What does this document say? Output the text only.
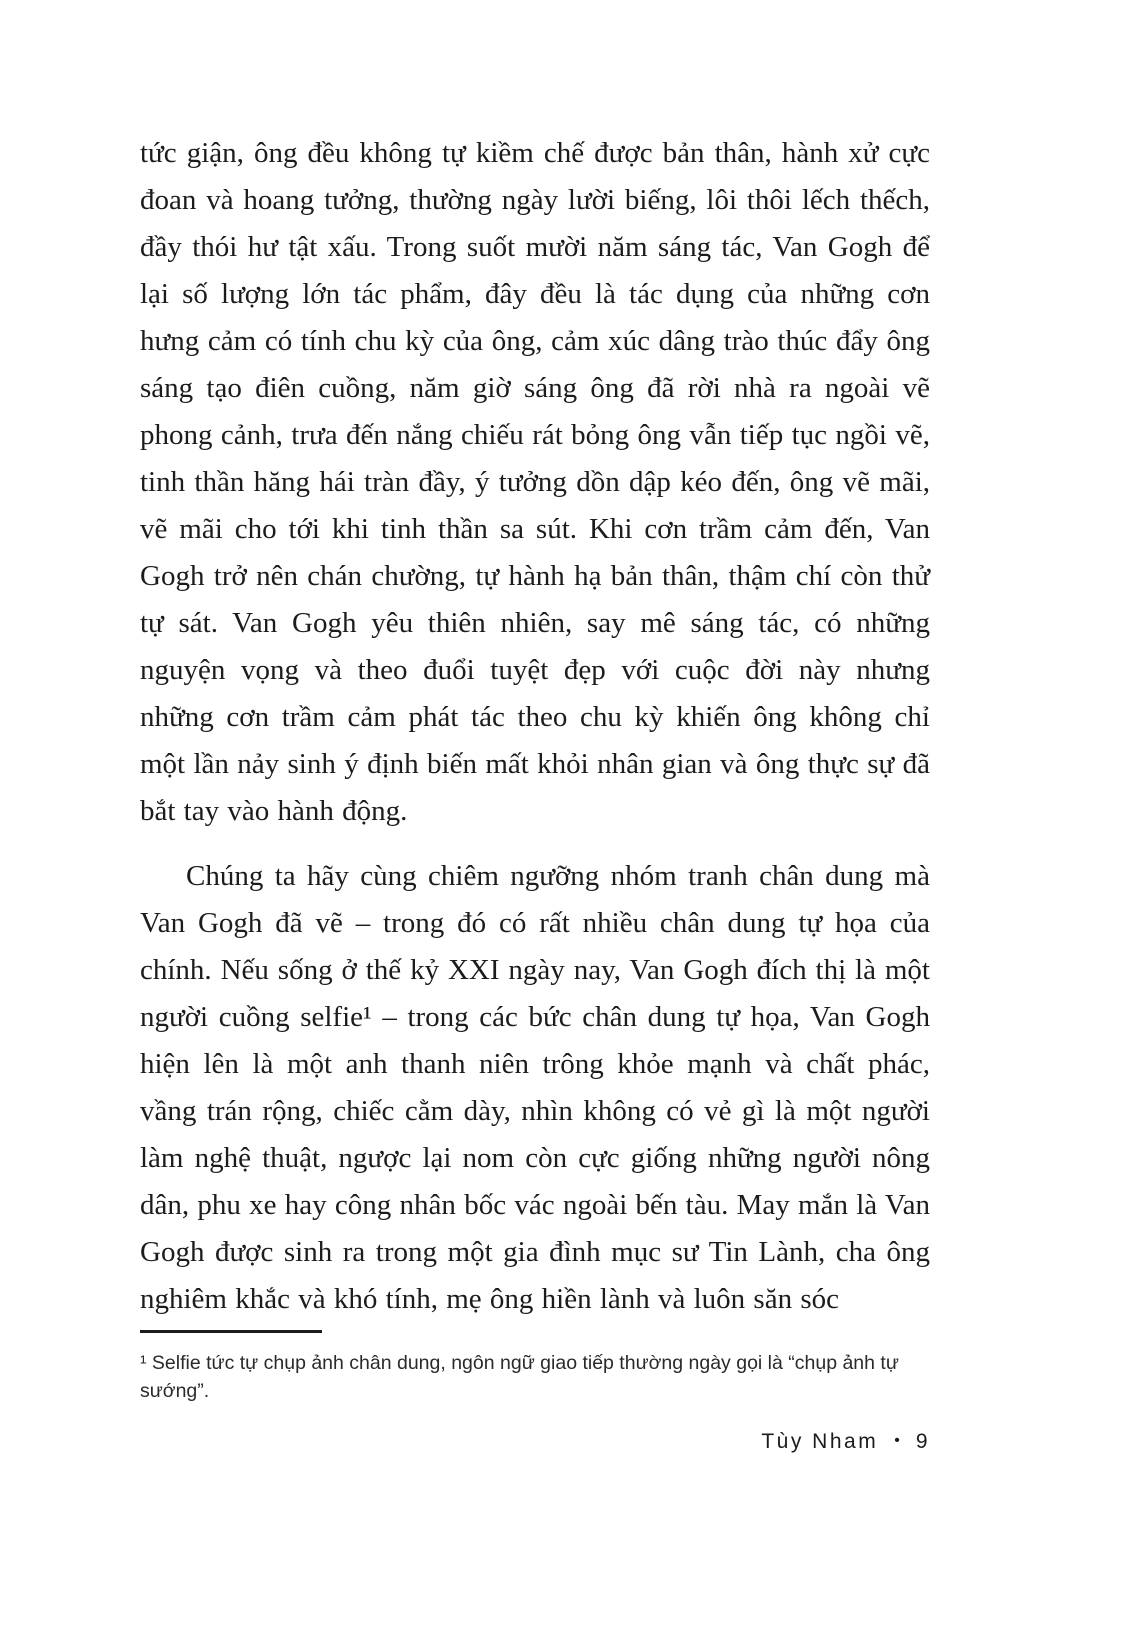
tức giận, ông đều không tự kiềm chế được bản thân, hành xử cực đoan và hoang tưởng, thường ngày lười biếng, lôi thôi lếch thếch, đầy thói hư tật xấu. Trong suốt mười năm sáng tác, Van Gogh để lại số lượng lớn tác phẩm, đây đều là tác dụng của những cơn hưng cảm có tính chu kỳ của ông, cảm xúc dâng trào thúc đẩy ông sáng tạo điên cuồng, năm giờ sáng ông đã rời nhà ra ngoài vẽ phong cảnh, trưa đến nắng chiếu rát bỏng ông vẫn tiếp tục ngồi vẽ, tinh thần hăng hái tràn đầy, ý tưởng dồn dập kéo đến, ông vẽ mãi, vẽ mãi cho tới khi tinh thần sa sút. Khi cơn trầm cảm đến, Van Gogh trở nên chán chường, tự hành hạ bản thân, thậm chí còn thử tự sát. Van Gogh yêu thiên nhiên, say mê sáng tác, có những nguyện vọng và theo đuổi tuyệt đẹp với cuộc đời này nhưng những cơn trầm cảm phát tác theo chu kỳ khiến ông không chỉ một lần nảy sinh ý định biến mất khỏi nhân gian và ông thực sự đã bắt tay vào hành động.

Chúng ta hãy cùng chiêm ngưỡng nhóm tranh chân dung mà Van Gogh đã vẽ – trong đó có rất nhiều chân dung tự họa của chính. Nếu sống ở thế kỷ XXI ngày nay, Van Gogh đích thị là một người cuồng selfie¹ – trong các bức chân dung tự họa, Van Gogh hiện lên là một anh thanh niên trông khỏe mạnh và chất phác, vầng trán rộng, chiếc cằm dày, nhìn không có vẻ gì là một người làm nghệ thuật, ngược lại nom còn cực giống những người nông dân, phu xe hay công nhân bốc vác ngoài bến tàu. May mắn là Van Gogh được sinh ra trong một gia đình mục sư Tin Lành, cha ông nghiêm khắc và khó tính, mẹ ông hiền lành và luôn săn sóc

¹ Selfie tức tự chụp ảnh chân dung, ngôn ngữ giao tiếp thường ngày gọi là “chụp ảnh tự sướng”.

Tùy Nham • 9
